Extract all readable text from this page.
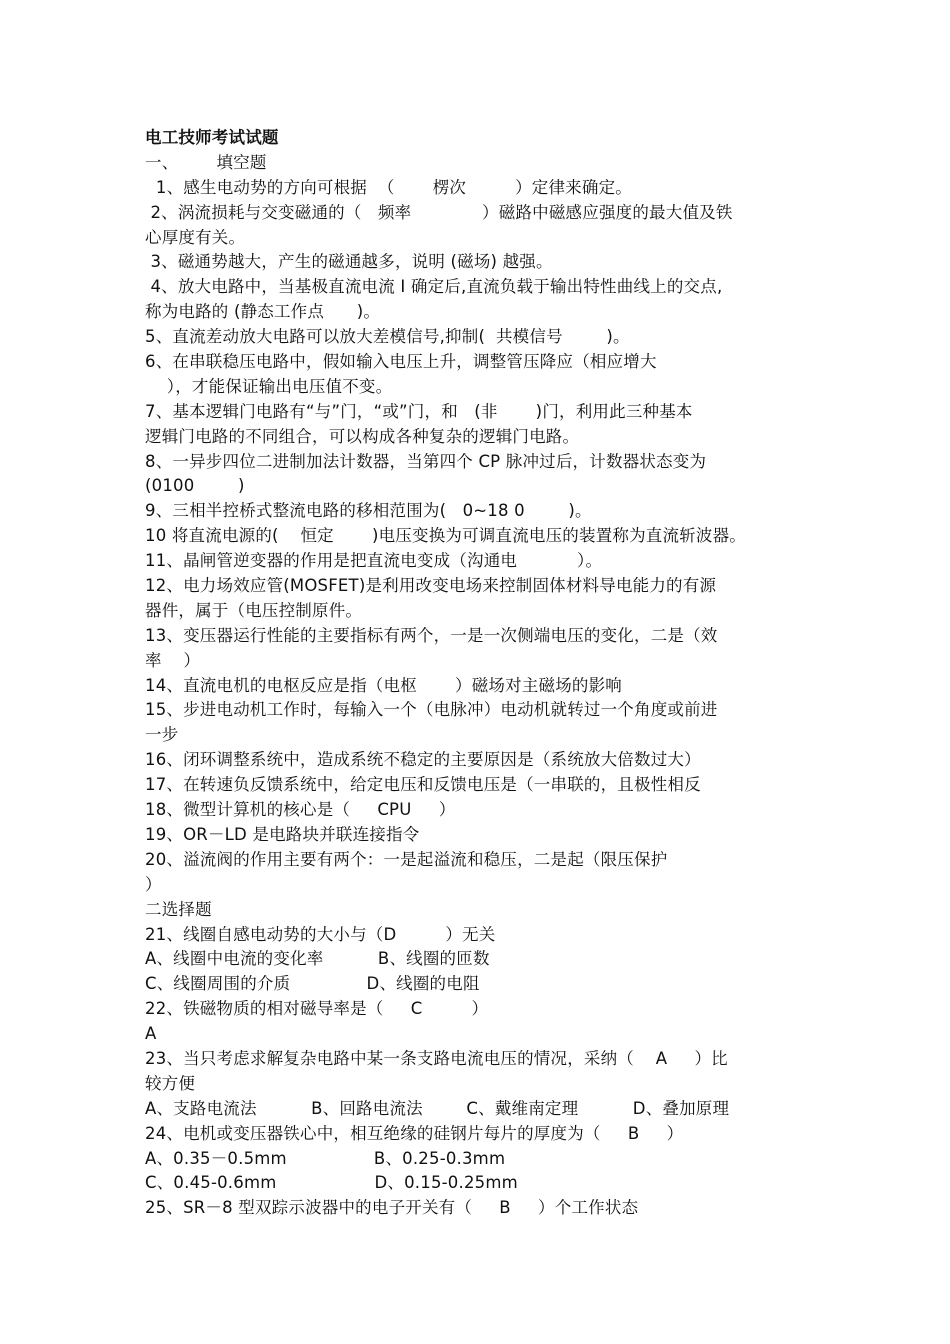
电工技师考试试题
一、       填空题
1、感生电动势的方向可根据  （       楞次         ）定律来确定。
2、涡流损耗与交变磁通的（   频率             ）磁路中磁感应强度的最大值及铁
心厚度有关。
3、磁通势越大，产生的磁通越多，说明 (磁场) 越强。
4、放大电路中，当基极直流电流 I 确定后,直流负载于输出特性曲线上的交点,
称为电路的 (静态工作点      )。
5、直流差动放大电路可以放大差模信号,抑制(  共模信号        )。
6、在串联稳压电路中，假如输入电压上升，调整管压降应（相应增大
），才能保证输出电压值不变。
7、基本逻辑门电路有“与”门，“或”门，和   (非       )门，利用此三种基本
逻辑门电路的不同组合，可以构成各种复杂的逻辑门电路。
8、一异步四位二进制加法计数器，当第四个 CP 脉冲过后，计数器状态变为
(0100        )
9、三相半控桥式整流电路的移相范围为(   0~18 0        )。
10 将直流电源的(    恒定       )电压变换为可调直流电压的装置称为直流斩波器。
11、晶闸管逆变器的作用是把直流电变成（沟通电           ）。
12、电力场效应管(MOSFET)是利用改变电场来控制固体材料导电能力的有源
器件，属于（电压控制原件。
13、变压器运行性能的主要指标有两个，一是一次侧端电压的变化，二是（效
率    ）
14、直流电机的电枢反应是指（电枢       ）磁场对主磁场的影响
15、步进电动机工作时，每输入一个（电脉冲）电动机就转过一个角度或前进
一步
16、闭环调整系统中，造成系统不稳定的主要原因是（系统放大倍数过大）
17、在转速负反馈系统中，给定电压和反馈电压是（一串联的，且极性相反
18、微型计算机的核心是（     CPU     ）
19、OR－LD 是电路块并联连接指令
20、溢流阀的作用主要有两个：一是起溢流和稳压，二是起（限压保护
）
二选择题
21、线圈自感电动势的大小与（D         ）无关
A、线圈中电流的变化率          B、线圈的匝数
C、线圈周围的介质              D、线圈的电阻
22、铁磁物质的相对磁导率是（     C         ）
A
23、当只考虑求解复杂电路中某一条支路电流电压的情况，采纳（    A     ）比
较方便
A、支路电流法          B、回路电流法        C、戴维南定理          D、叠加原理
24、电机或变压器铁心中，相互绝缘的硅钢片每片的厚度为（     B     ）
A、0.35－0.5mm                B、0.25-0.3mm
C、0.45-0.6mm                  D、0.15-0.25mm
25、SR－8 型双踪示波器中的电子开关有（     B     ）个工作状态
